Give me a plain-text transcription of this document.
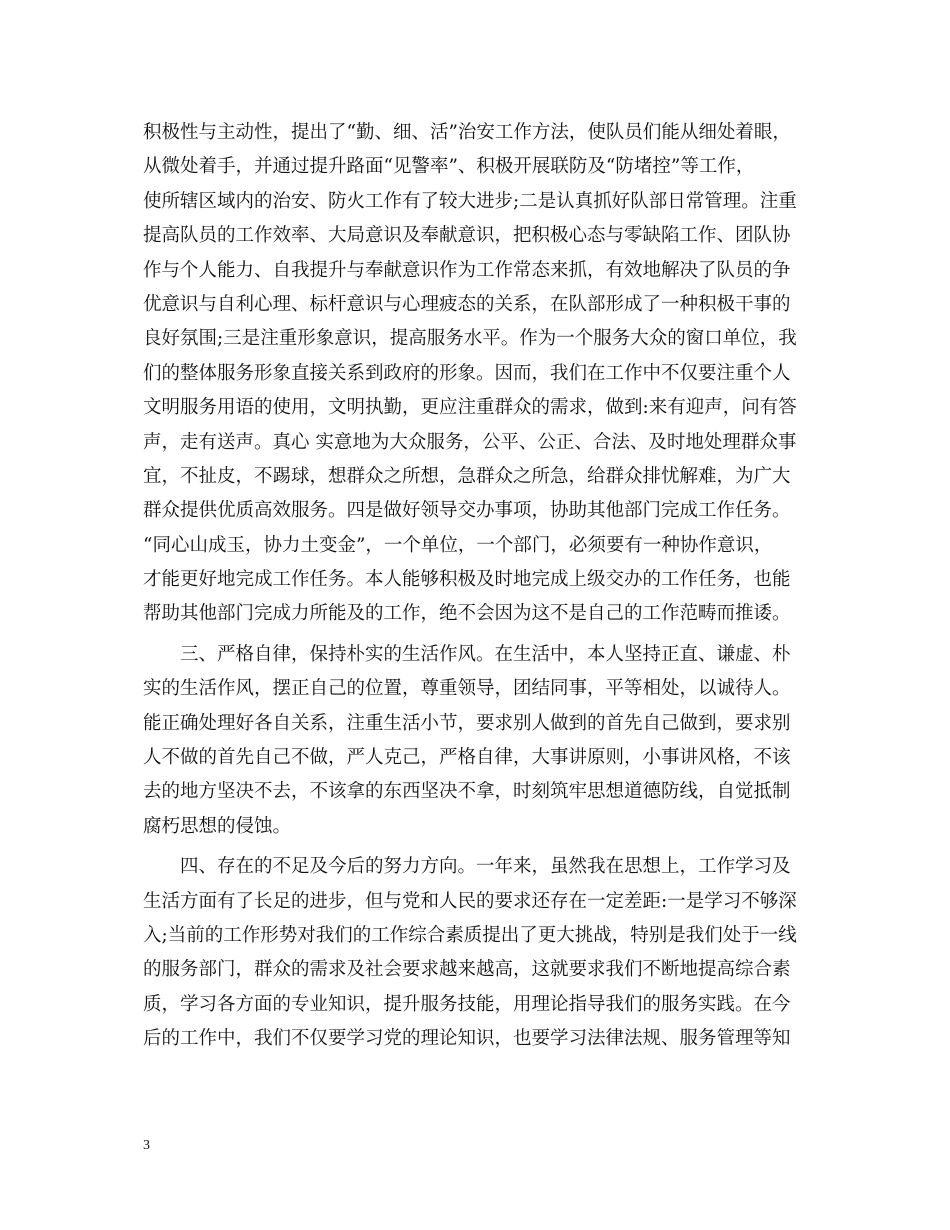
积极性与主动性，提出了“勤、细、活”治安工作方法，使队员们能从细处着眼，
从微处着手，并通过提升路面“见警率”、积极开展联防及“防堵控”等工作，
使所辖区域内的治安、防火工作有了较大进步;二是认真抓好队部日常管理。注重
提高队员的工作效率、大局意识及奉献意识，把积极心态与零缺陷工作、团队协
作与个人能力、自我提升与奉献意识作为工作常态来抓，有效地解决了队员的争
优意识与自利心理、标杆意识与心理疲态的关系，在队部形成了一种积极干事的
良好氛围;三是注重形象意识，提高服务水平。作为一个服务大众的窗口单位，我
们的整体服务形象直接关系到政府的形象。因而，我们在工作中不仅要注重个人
文明服务用语的使用，文明执勤，更应注重群众的需求，做到:来有迎声，问有答
声，走有送声。真心 实意地为大众服务，公平、公正、合法、及时地处理群众事
宜，不扯皮，不踢球，想群众之所想，急群众之所急，给群众排忧解难，为广大
群众提供优质高效服务。四是做好领导交办事项，协助其他部门完成工作任务。
“同心山成玉，协力土变金”，一个单位，一个部门，必须要有一种协作意识，
才能更好地完成工作任务。本人能够积极及时地完成上级交办的工作任务，也能
帮助其他部门完成力所能及的工作，绝不会因为这不是自己的工作范畴而推诿。
三、严格自律，保持朴实的生活作风。在生活中，本人坚持正直、谦虚、朴
实的生活作风，摆正自己的位置，尊重领导，团结同事，平等相处，以诚待人。
能正确处理好各自关系，注重生活小节，要求别人做到的首先自己做到，要求别
人不做的首先自己不做，严人克己，严格自律，大事讲原则，小事讲风格，不该
去的地方坚决不去，不该拿的东西坚决不拿，时刻筑牢思想道德防线，自觉抵制
腐朽思想的侵蚀。
四、存在的不足及今后的努力方向。一年来，虽然我在思想上，工作学习及
生活方面有了长足的进步，但与党和人民的要求还存在一定差距:一是学习不够深
入;当前的工作形势对我们的工作综合素质提出了更大挑战，特别是我们处于一线
的服务部门，群众的需求及社会要求越来越高，这就要求我们不断地提高综合素
质，学习各方面的专业知识，提升服务技能，用理论指导我们的服务实践。在今
后的工作中，我们不仅要学习党的理论知识，也要学习法律法规、服务管理等知
3
